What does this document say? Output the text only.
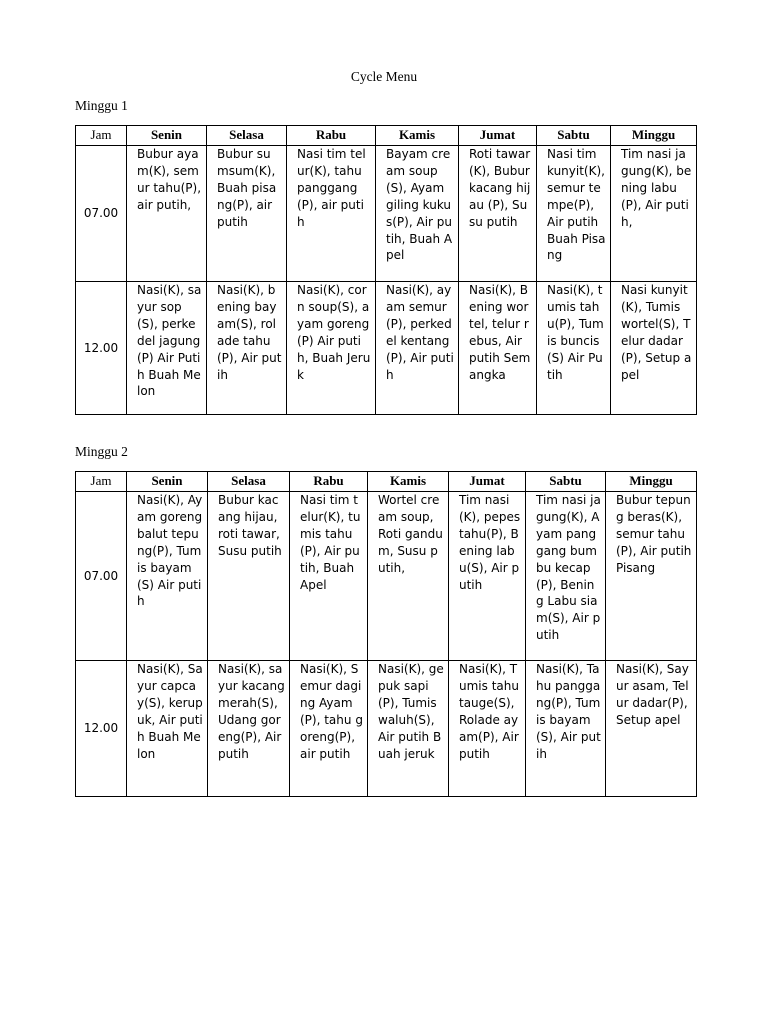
Cycle Menu
Minggu 1
Jam	Senin	Selasa	Rabu	Kamis	Jumat	Sabtu	Minggu
07.00	Bubur ayam(K), semur tahu(P), air putih,	Bubur sumsum(K), Buah pisang(P), air putih	Nasi tim telur(K), tahu panggang(P), air putih	Bayam cream soup(S), Ayam giling kukus(P), Air putih, Buah Apel	Roti tawar(K), Bubur kacang hijau (P), Susu putih	Nasi tim kunyit(K), semur tempe(P), Air putih Buah Pisang	Tim nasi jagung(K), bening labu(P), Air putih,
12.00	Nasi(K), sayur sop(S), perkedel jagung(P) Air Putih Buah Melon	Nasi(K), bening bayam(S), rolade tahu(P), Air putih	Nasi(K), corn soup(S), ayam goreng(P) Air putih, Buah Jeruk	Nasi(K), ayam semur(P), perkedel kentang(P), Air putih	Nasi(K), Bening wortel, telur rebus, Air putih Semangka	Nasi(K), tumis tahu(P), Tumis buncis(S) Air Putih	Nasi kunyit(K), Tumis wortel(S), Telur dadar(P), Setup apel
Minggu 2
Jam	Senin	Selasa	Rabu	Kamis	Jumat	Sabtu	Minggu
07.00	Nasi(K), Ayam goreng balut tepung(P), Tumis bayam(S) Air putih	Bubur kacang hijau, roti tawar, Susu putih	Nasi tim telur(K), tumis tahu(P), Air putih, Buah Apel	Wortel cream soup, Roti gandum, Susu putih,	Tim nasi (K), pepes tahu(P), Bening labu(S), Air putih	Tim nasi jagung(K), Ayam panggang bumbu kecap(P), Bening Labu siam(S), Air putih	Bubur tepung beras(K), semur tahu(P), Air putih Pisang
12.00	Nasi(K), Sayur capcay(S), kerupuk, Air putih Buah Melon	Nasi(K), sayur kacang merah(S), Udang goreng(P), Air putih	Nasi(K), Semur daging Ayam(P), tahu goreng(P), air putih	Nasi(K), gepuk sapi(P), Tumis waluh(S), Air putih Buah jeruk	Nasi(K), Tumis tahu tauge(S), Rolade ayam(P), Air putih	Nasi(K), Tahu panggang(P), Tumis bayam(S), Air putih	Nasi(K), Sayur asam, Telur dadar(P), Setup apel
